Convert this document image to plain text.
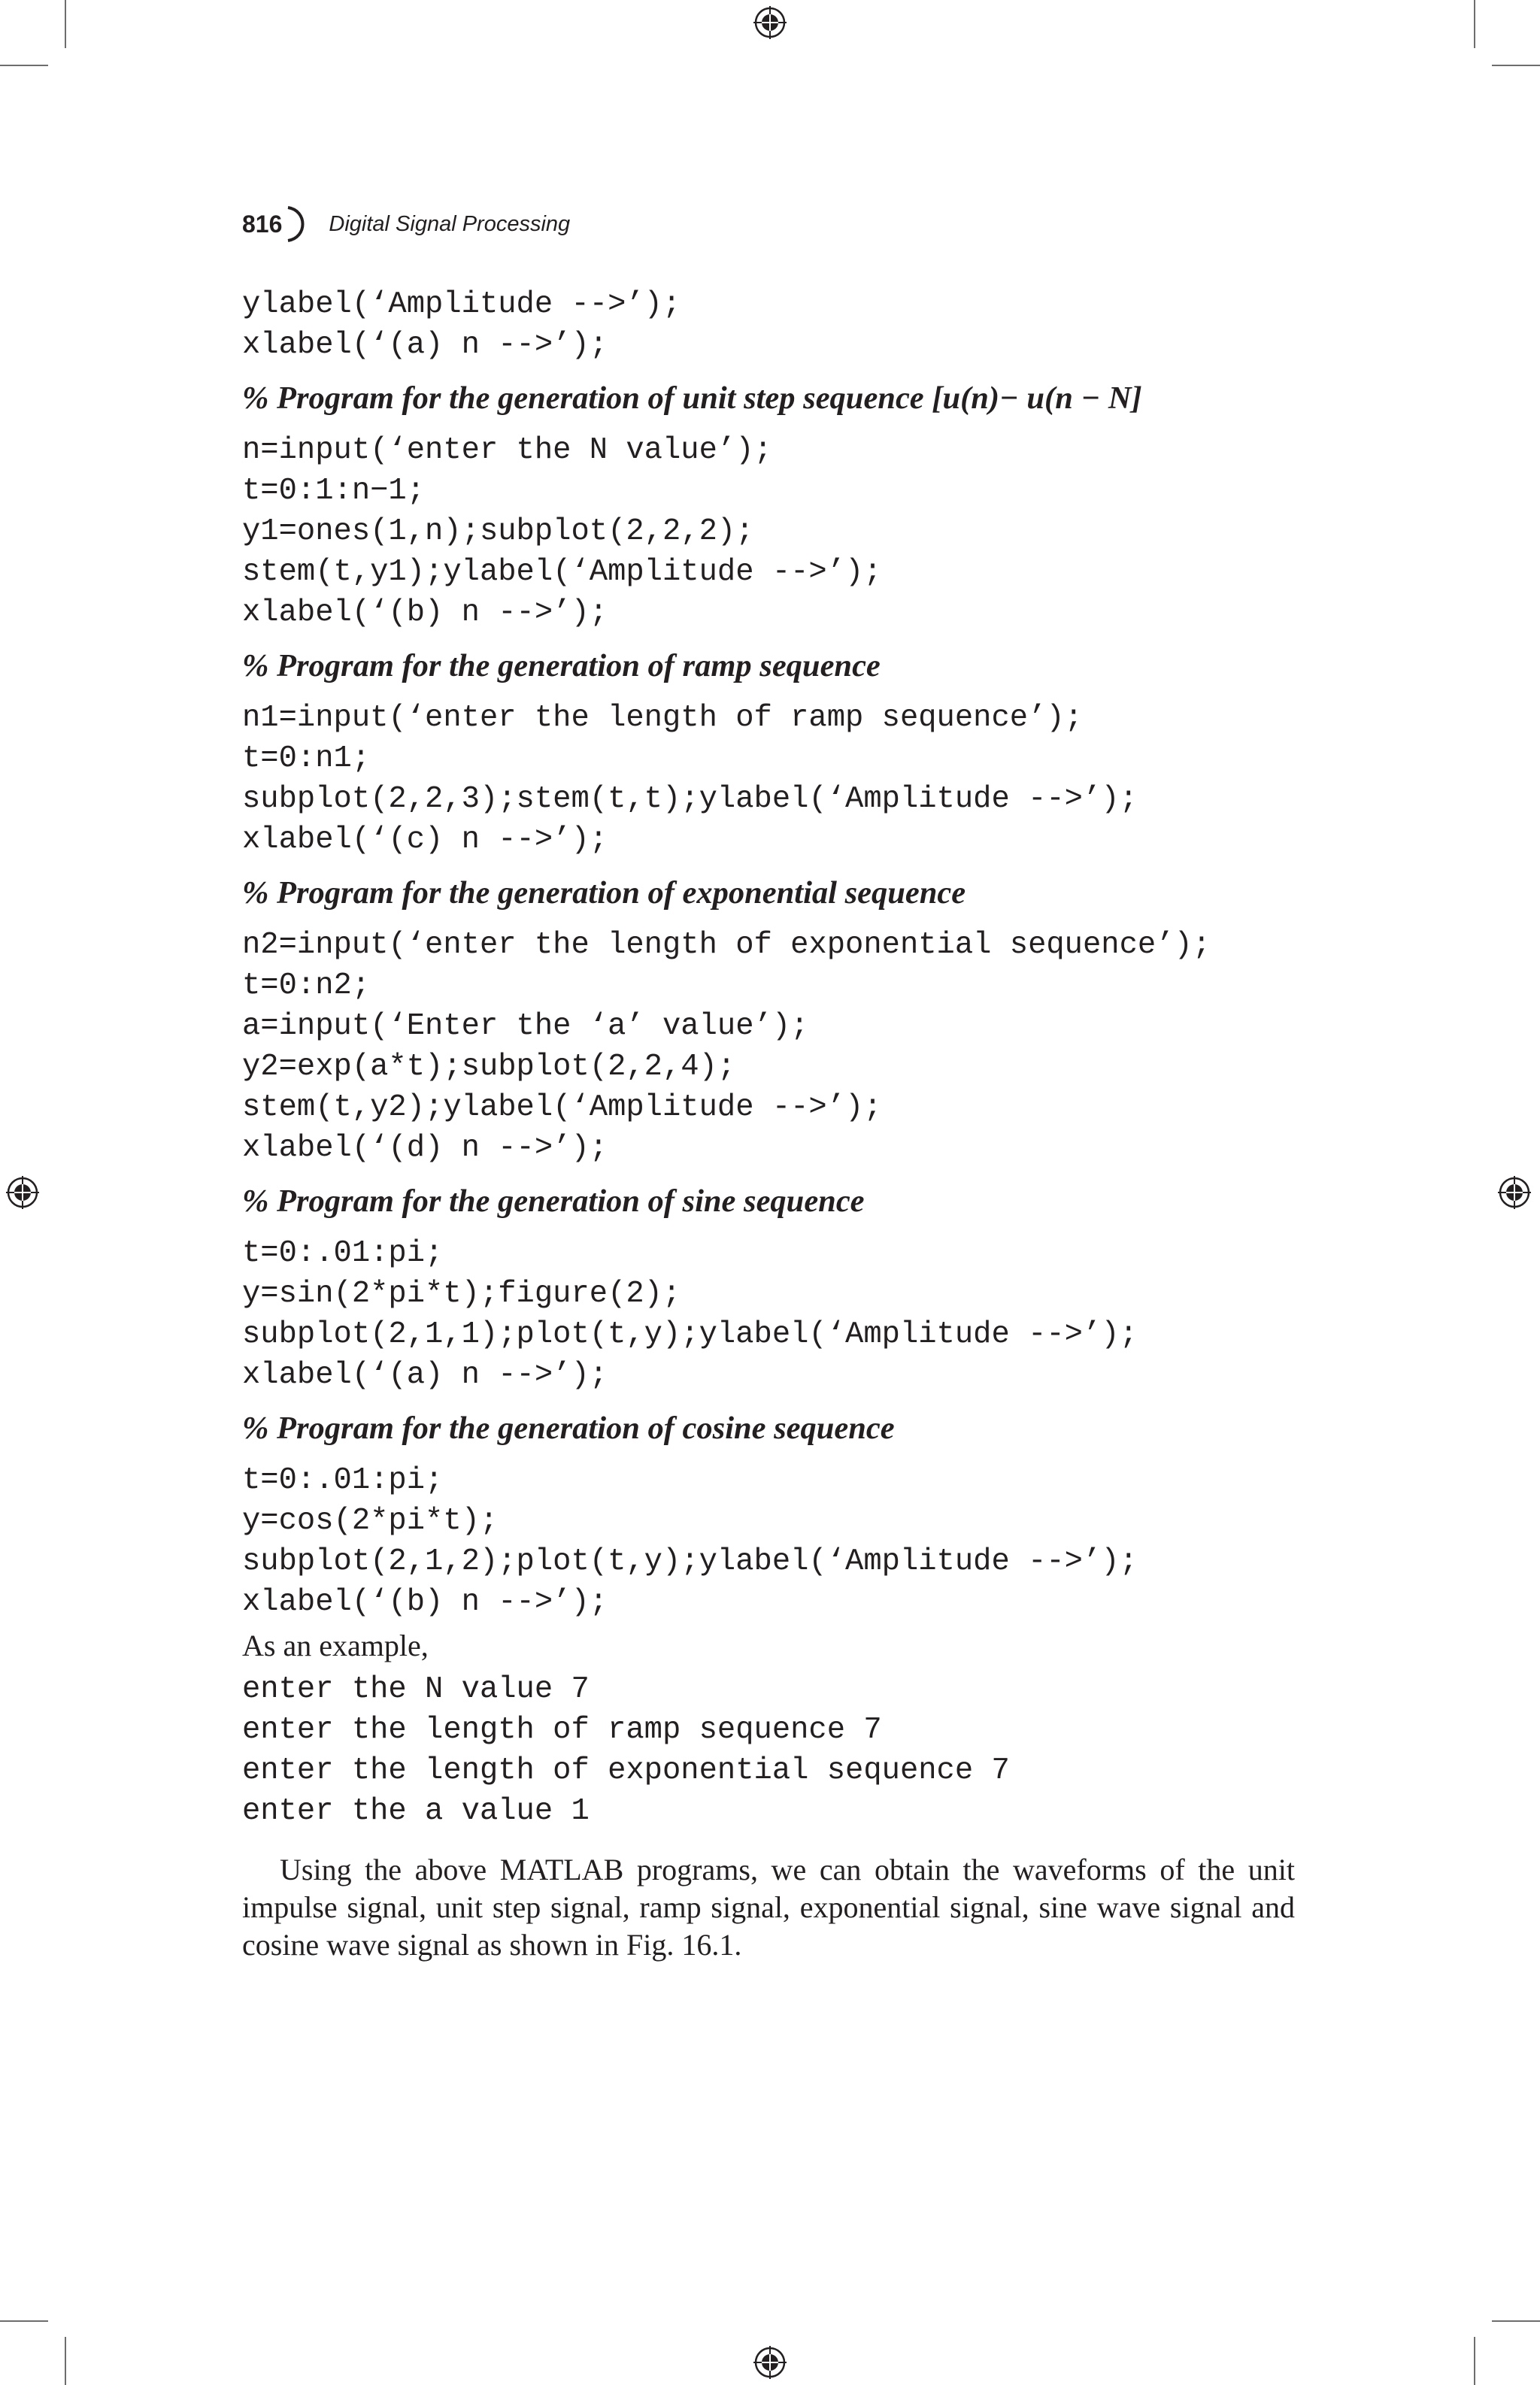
816 Digital Signal Processing
ylabel(‘Amplitude -->’);
xlabel(‘(a) n -->’);
% Program for the generation of unit step sequence [u(n)− u(n − N]
n=input(‘enter the N value’);
t=0:1:n−1;
y1=ones(1,n);subplot(2,2,2);
stem(t,y1);ylabel(‘Amplitude -->’);
xlabel(‘(b) n -->’);
% Program for the generation of ramp sequence
n1=input(‘enter the length of ramp sequence’);
t=0:n1;
subplot(2,2,3);stem(t,t);ylabel(‘Amplitude -->’);
xlabel(‘(c) n -->’);
% Program for the generation of exponential sequence
n2=input(‘enter the length of exponential sequence’);
t=0:n2;
a=input(‘Enter the ‘a’ value’);
y2=exp(a*t);subplot(2,2,4);
stem(t,y2);ylabel(‘Amplitude -->’);
xlabel(‘(d) n -->’);
% Program for the generation of sine sequence
t=0:.01:pi;
y=sin(2*pi*t);figure(2);
subplot(2,1,1);plot(t,y);ylabel(‘Amplitude -->’);
xlabel(‘(a) n -->’);
% Program for the generation of cosine sequence
t=0:.01:pi;
y=cos(2*pi*t);
subplot(2,1,2);plot(t,y);ylabel(‘Amplitude -->’);
xlabel(‘(b) n -->’);
As an example,
enter the N value 7
enter the length of ramp sequence 7
enter the length of exponential sequence 7
enter the a value 1
Using the above MATLAB programs, we can obtain the waveforms of the unit impulse signal, unit step signal, ramp signal, exponential signal, sine wave signal and cosine wave signal as shown in Fig. 16.1.
